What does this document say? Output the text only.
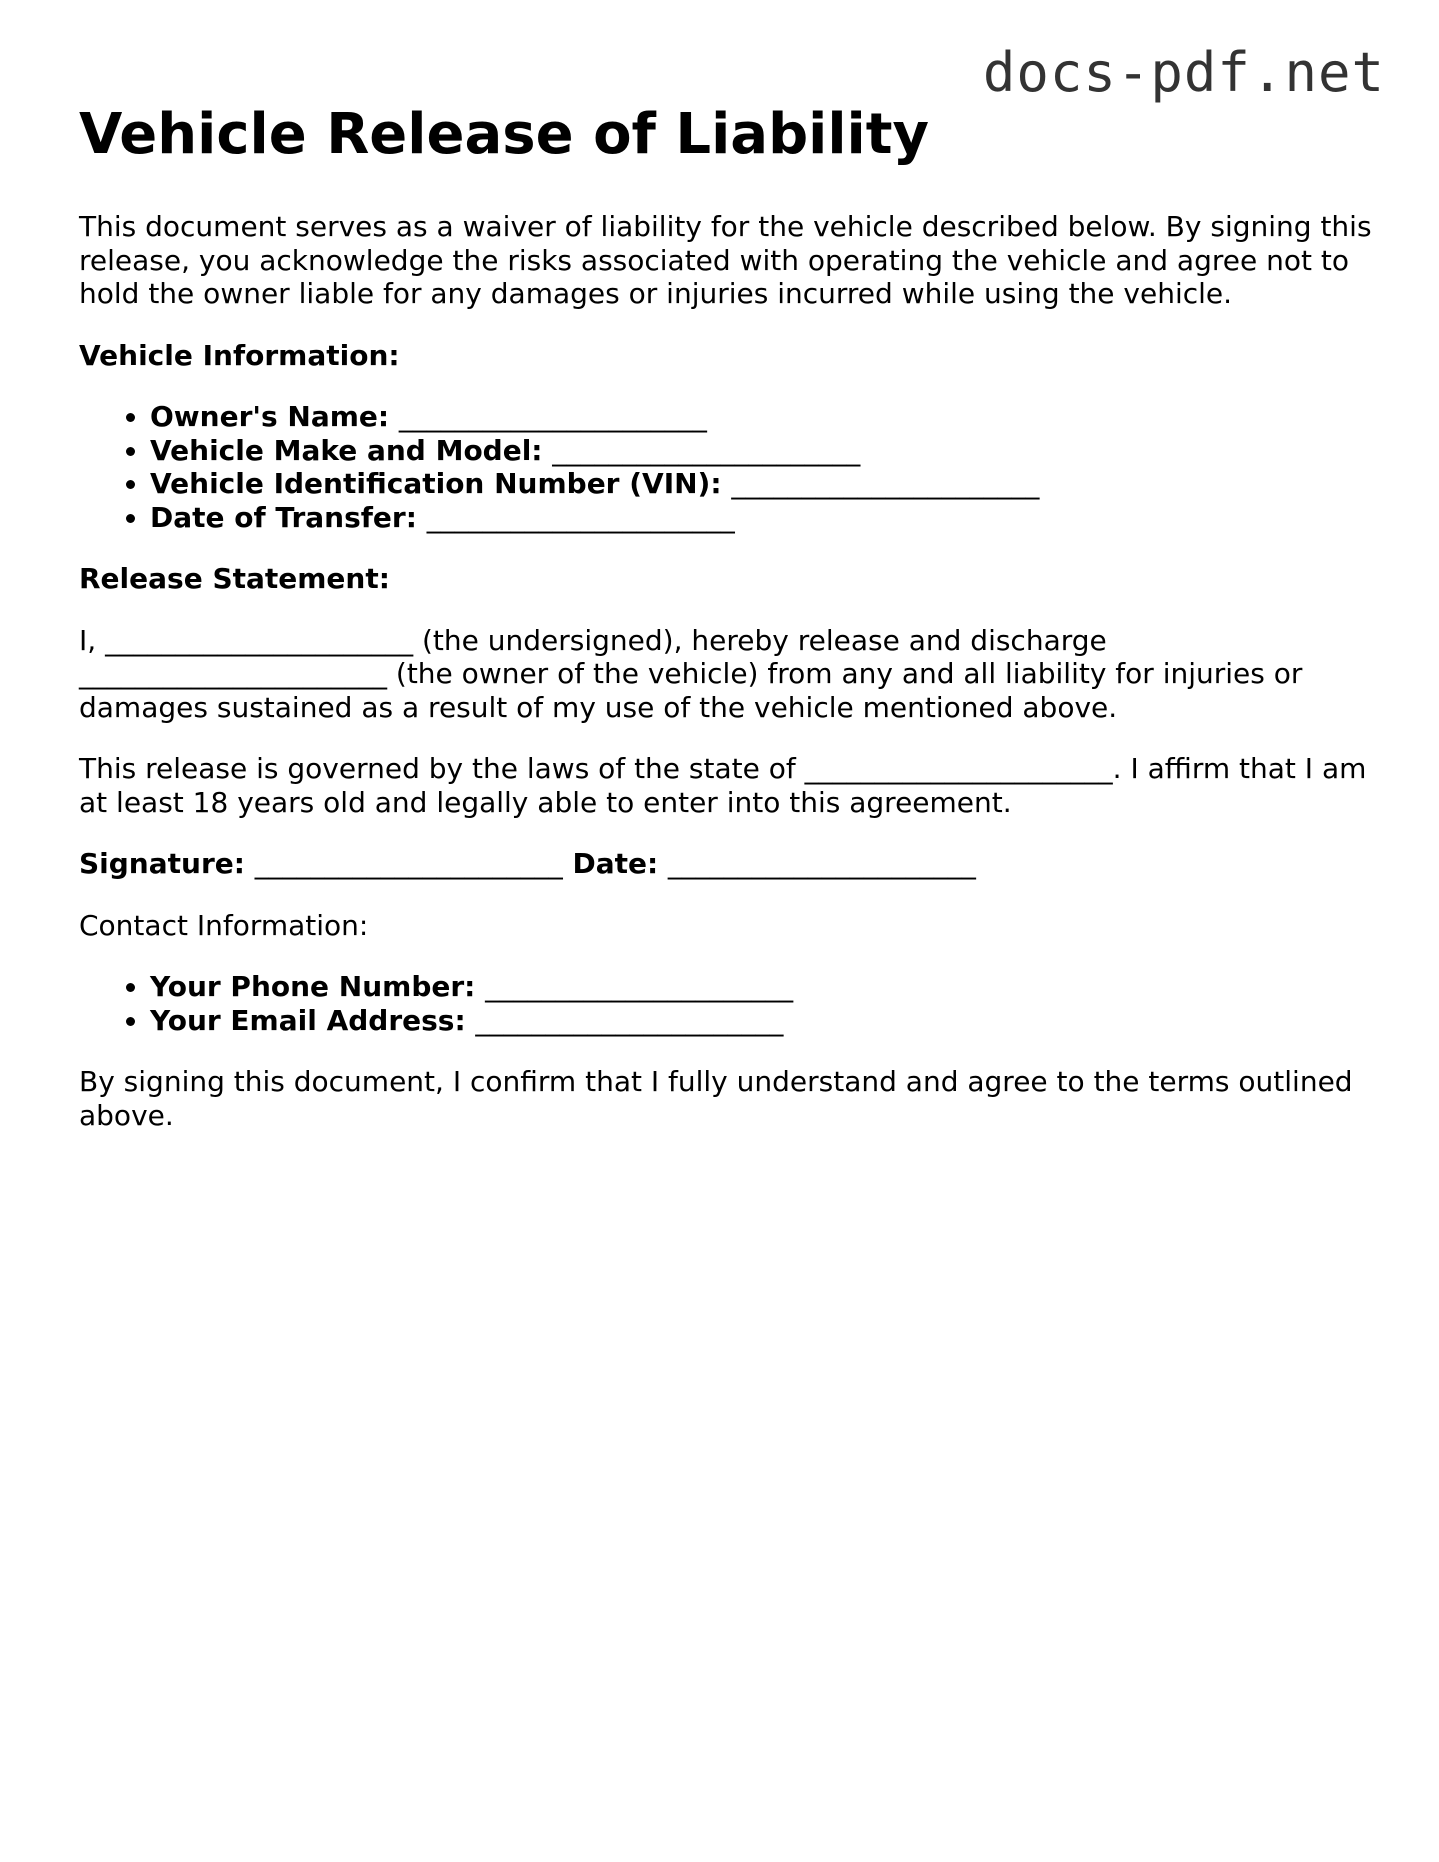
docs-pdf.net
Vehicle Release of Liability

This document serves as a waiver of liability for the vehicle described below. By signing this release, you acknowledge the risks associated with operating the vehicle and agree not to hold the owner liable for any damages or injuries incurred while using the vehicle.

Vehicle Information:

• Owner's Name: ______________________
• Vehicle Make and Model: ______________________
• Vehicle Identification Number (VIN): ______________________
• Date of Transfer: ______________________

Release Statement:

I, ______________________ (the undersigned), hereby release and discharge ______________________ (the owner of the vehicle) from any and all liability for injuries or damages sustained as a result of my use of the vehicle mentioned above.

This release is governed by the laws of the state of ______________________. I affirm that I am at least 18 years old and legally able to enter into this agreement.

Signature: ______________________ Date: ______________________

Contact Information:

• Your Phone Number: ______________________
• Your Email Address: ______________________

By signing this document, I confirm that I fully understand and agree to the terms outlined above.
